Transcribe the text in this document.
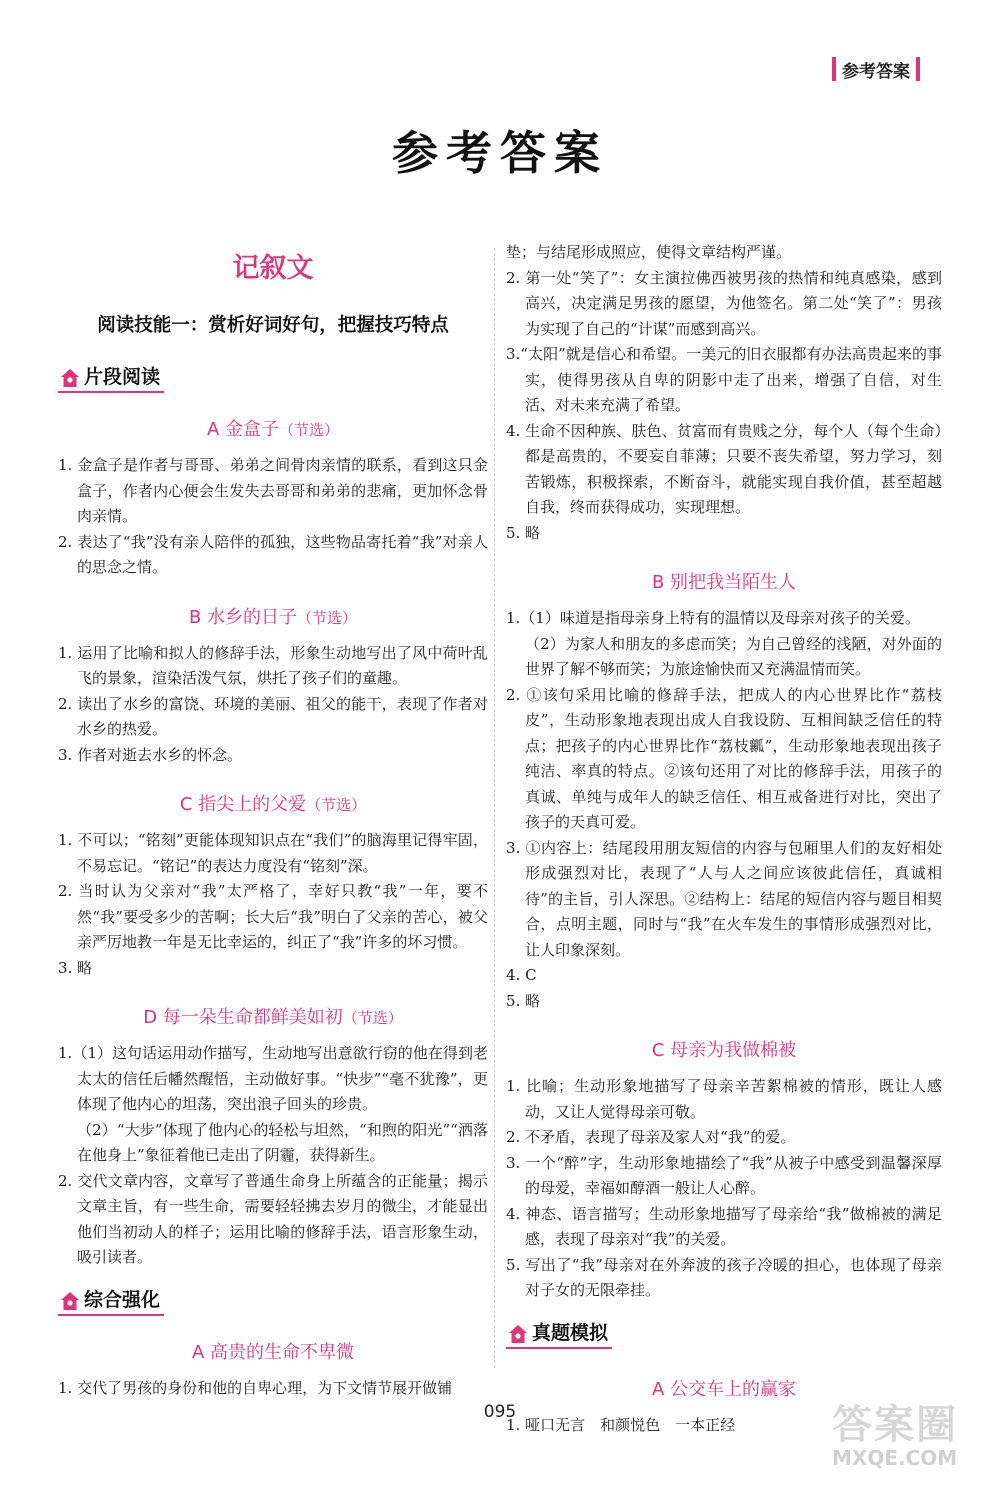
参考答案
参考答案
记叙文
阅读技能一：赏析好词好句，把握技巧特点
片段阅读
A 金盒子（节选）

1. 金盒子是作者与哥哥、弟弟之间骨肉亲情的联系，看到这只金盒子，作者内心便会生发失去哥哥和弟弟的悲痛，更加怀念骨肉亲情。

2. 表达了“我”没有亲人陪伴的孤独，这些物品寄托着“我”对亲人的思念之情。

B 水乡的日子（节选）

1. 运用了比喻和拟人的修辞手法，形象生动地写出了风中荷叶乱飞的景象，渲染活泼气氛，烘托了孩子们的童趣。

2. 读出了水乡的富饶、环境的美丽、祖父的能干，表现了作者对水乡的热爱。

3. 作者对逝去水乡的怀念。

C 指尖上的父爱（节选）

1. 不可以；“铭刻”更能体现知识点在“我们”的脑海里记得牢固，不易忘记。“铭记”的表达力度没有“铭刻”深。

2. 当时认为父亲对“我”太严格了，幸好只教“我”一年，要不然“我”要受多少的苦啊；长大后“我”明白了父亲的苦心，被父亲严厉地教一年是无比幸运的，纠正了“我”许多的坏习惯。

3. 略

D 每一朵生命都鲜美如初（节选）

1.（1）这句话运用动作描写，生动地写出意欲行窃的他在得到老太太的信任后幡然醒悟，主动做好事。“快步”“毫不犹豫”，更体现了他内心的坦荡，突出浪子回头的珍贵。

（2）“大步”体现了他内心的轻松与坦然，“和煦的阳光”“洒落在他身上”象征着他已走出了阴霾，获得新生。

2. 交代文章内容，文章写了普通生命身上所蕴含的正能量；揭示文章主旨，有一些生命，需要轻轻拂去岁月的微尘，才能显出他们当初动人的样子；运用比喻的修辞手法，语言形象生动，吸引读者。

综合强化
A 高贵的生命不卑微

1. 交代了男孩的身份和他的自卑心理，为下文情节展开做铺

垫；与结尾形成照应，使得文章结构严谨。

2. 第一处“笑了”：女主演拉佛西被男孩的热情和纯真感染，感到高兴，决定满足男孩的愿望，为他签名。第二处“笑了”：男孩为实现了自己的“计谋”而感到高兴。

3.“太阳”就是信心和希望。一美元的旧衣服都有办法高贵起来的事实，使得男孩从自卑的阴影中走了出来，增强了自信，对生活、对未来充满了希望。

4. 生命不因种族、肤色、贫富而有贵贱之分，每个人（每个生命）都是高贵的，不要妄自菲薄；只要不丧失希望，努力学习，刻苦锻炼，积极探索，不断奋斗，就能实现自我价值，甚至超越自我，终而获得成功，实现理想。

5. 略

B 别把我当陌生人

1.（1）味道是指母亲身上特有的温情以及母亲对孩子的关爱。

（2）为家人和朋友的多虑而笑；为自己曾经的浅陋，对外面的世界了解不够而笑；为旅途愉快而又充满温情而笑。

2. ①该句采用比喻的修辞手法，把成人的内心世界比作“荔枝皮”，生动形象地表现出成人自我设防、互相间缺乏信任的特点；把孩子的内心世界比作“荔枝瓤”，生动形象地表现出孩子纯洁、率真的特点。②该句还用了对比的修辞手法，用孩子的真诚、单纯与成年人的缺乏信任、相互戒备进行对比，突出了孩子的天真可爱。

3. ①内容上：结尾段用朋友短信的内容与包厢里人们的友好相处形成强烈对比，表现了“人与人之间应该彼此信任，真诚相待”的主旨，引人深思。②结构上：结尾的短信内容与题目相契合，点明主题，同时与“我”在火车发生的事情形成强烈对比，让人印象深刻。

4. C

5. 略

C 母亲为我做棉被

1. 比喻；生动形象地描写了母亲辛苦絮棉被的情形，既让人感动，又让人觉得母亲可敬。

2. 不矛盾，表现了母亲及家人对“我”的爱。

3. 一个“醉”字，生动形象地描绘了“我”从被子中感受到温馨深厚的母爱，幸福如醇酒一般让人心醉。

4. 神态、语言描写；生动形象地描写了母亲给“我”做棉被的满足感，表现了母亲对“我”的关爱。

5. 写出了“我”母亲对在外奔波的孩子冷暖的担心，也体现了母亲对子女的无限牵挂。

真题模拟
A 公交车上的赢家

1. 哑口无言　和颜悦色　一本正经

095	答案圈
MXQE.COM
